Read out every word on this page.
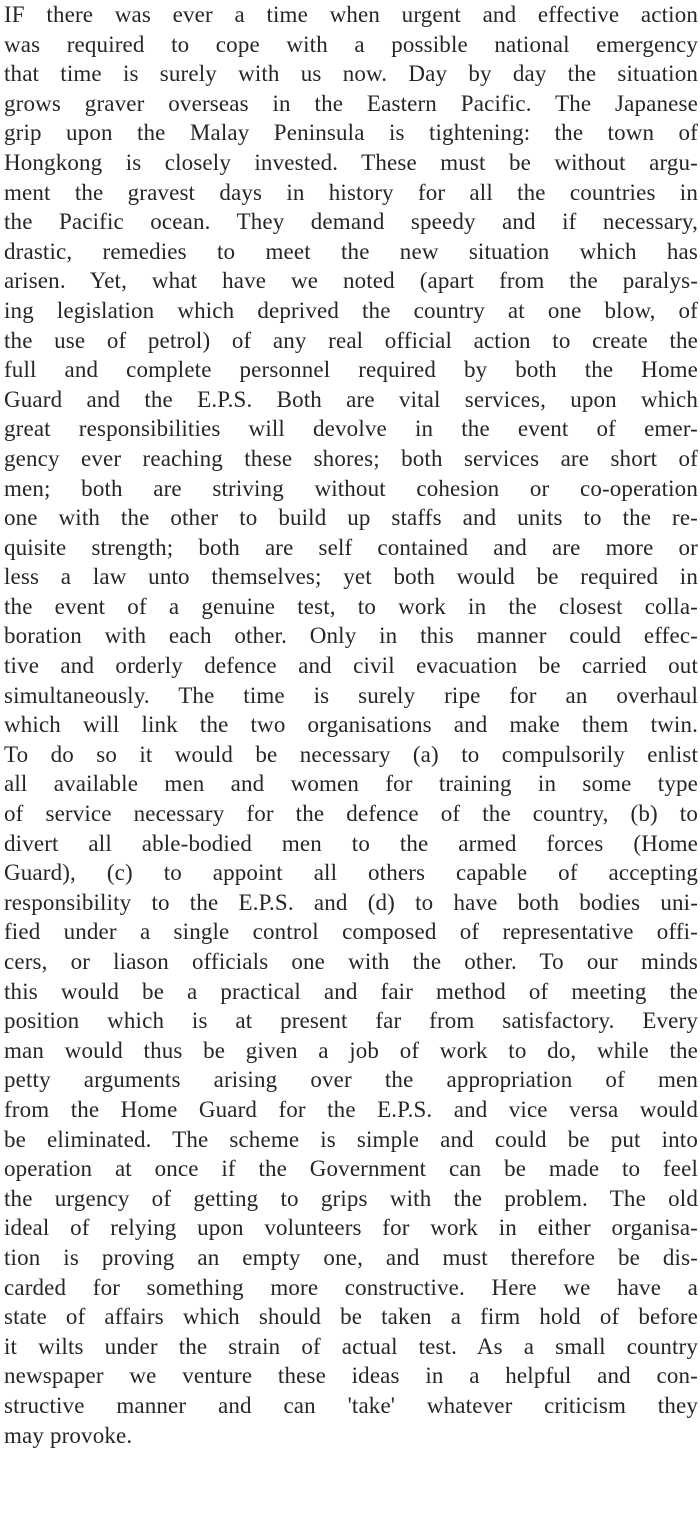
IF there was ever a time when urgent and effective action
was required to cope with a possible national emergency
that time is surely with us now. Day by day the situation
grows graver overseas in the Eastern Pacific. The Japanese
grip upon the Malay Peninsula is tightening: the town of
Hongkong is closely invested. These must be without argu-
ment the gravest days in history for all the countries in
the Pacific ocean. They demand speedy and if necessary,
drastic, remedies to meet the new situation which has
arisen. Yet, what have we noted (apart from the paralys-
ing legislation which deprived the country at one blow, of
the use of petrol) of any real official action to create the
full and complete personnel required by both the Home
Guard and the E.P.S. Both are vital services, upon which
great responsibilities will devolve in the event of emer-
gency ever reaching these shores; both services are short of
men; both are striving without cohesion or co-operation
one with the other to build up staffs and units to the re-
quisite strength; both are self contained and are more or
less a law unto themselves; yet both would be required in
the event of a genuine test, to work in the closest colla-
boration with each other. Only in this manner could effec-
tive and orderly defence and civil evacuation be carried out
simultaneously. The time is surely ripe for an overhaul
which will link the two organisations and make them twin.
To do so it would be necessary (a) to compulsorily enlist
all available men and women for training in some type
of service necessary for the defence of the country, (b) to
divert all able-bodied men to the armed forces (Home
Guard), (c) to appoint all others capable of accepting
responsibility to the E.P.S. and (d) to have both bodies uni-
fied under a single control composed of representative offi-
cers, or liason officials one with the other. To our minds
this would be a practical and fair method of meeting the
position which is at present far from satisfactory. Every
man would thus be given a job of work to do, while the
petty arguments arising over the appropriation of men
from the Home Guard for the E.P.S. and vice versa would
be eliminated. The scheme is simple and could be put into
operation at once if the Government can be made to feel
the urgency of getting to grips with the problem. The old
ideal of relying upon volunteers for work in either organisa-
tion is proving an empty one, and must therefore be dis-
carded for something more constructive. Here we have a
state of affairs which should be taken a firm hold of before
it wilts under the strain of actual test. As a small country
newspaper we venture these ideas in a helpful and con-
structive manner and can 'take' whatever criticism they
may provoke.
